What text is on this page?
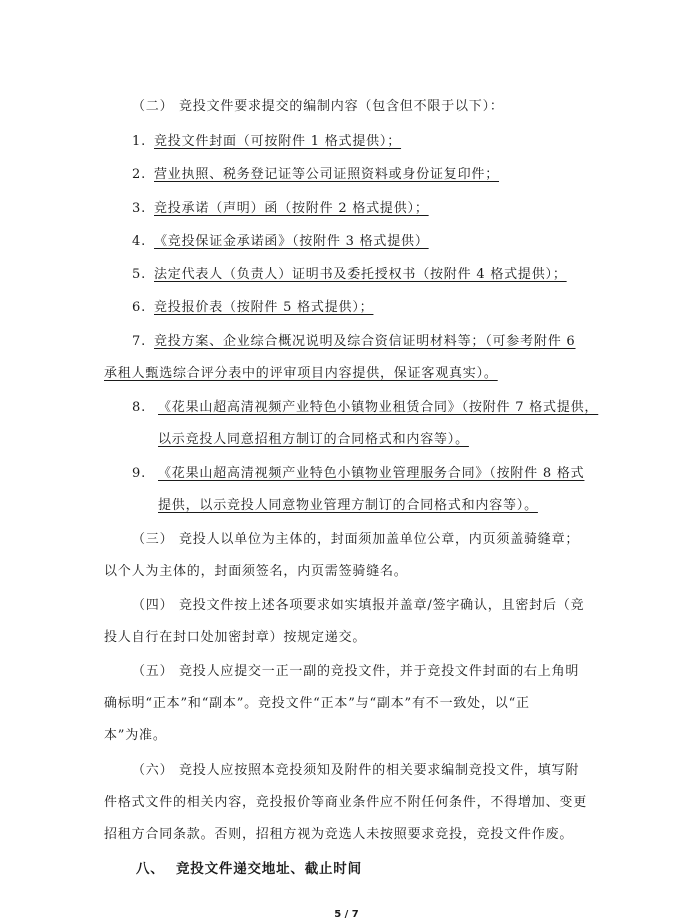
（二） 竞投文件要求提交的编制内容（包含但不限于以下）：
1. 竞投文件封面（可按附件 1 格式提供）；
2. 营业执照、税务登记证等公司证照资料或身份证复印件；
3. 竞投承诺（声明）函（按附件 2 格式提供）；
4. 《竞投保证金承诺函》（按附件 3 格式提供）
5. 法定代表人（负责人）证明书及委托授权书（按附件 4 格式提供）；
6. 竞投报价表（按附件 5 格式提供）；
7. 竞投方案、企业综合概况说明及综合资信证明材料等；（可参考附件 6
承租人甄选综合评分表中的评审项目内容提供，保证客观真实）。
8. 《花果山超高清视频产业特色小镇物业租赁合同》（按附件 7 格式提供，
以示竞投人同意招租方制订的合同格式和内容等）。
9. 《花果山超高清视频产业特色小镇物业管理服务合同》（按附件 8 格式
提供，以示竞投人同意物业管理方制订的合同格式和内容等）。
（三） 竞投人以单位为主体的，封面须加盖单位公章，内页须盖骑缝章；
以个人为主体的，封面须签名，内页需签骑缝名。
（四） 竞投文件按上述各项要求如实填报并盖章/签字确认，且密封后（竞
投人自行在封口处加密封章）按规定递交。
（五） 竞投人应提交一正一副的竞投文件，并于竞投文件封面的右上角明
确标明“正本”和“副本”。竞投文件“正本”与“副本”有不一致处，以“正
本”为准。
（六） 竞投人应按照本竞投须知及附件的相关要求编制竞投文件，填写附
件格式文件的相关内容，竞投报价等商业条件应不附任何条件，不得增加、变更
招租方合同条款。否则，招租方视为竞选人未按照要求竞投，竞投文件作废。
八、 竞投文件递交地址、截止时间
5 / 7
